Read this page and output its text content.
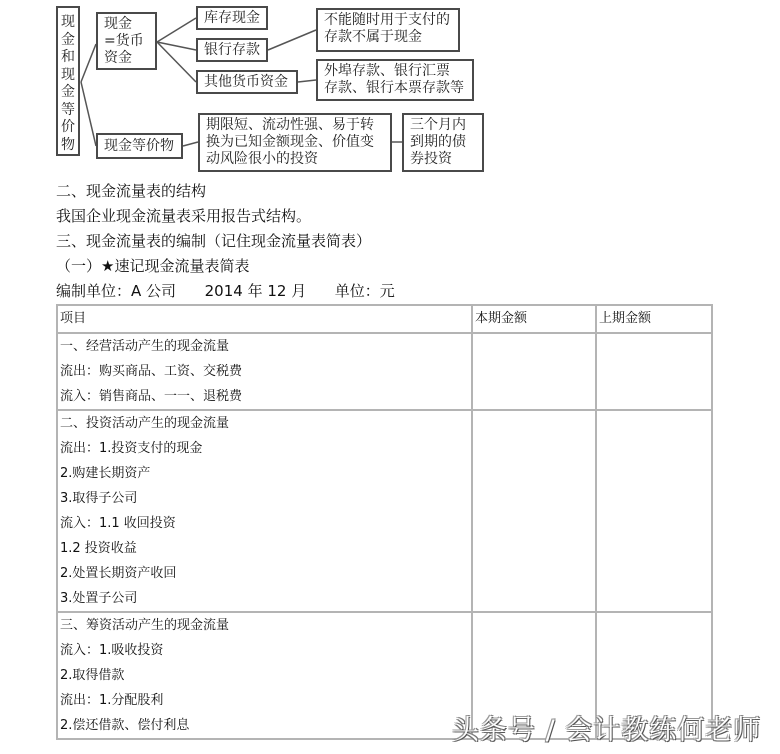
现
金
和
现
金
等
价
物
现金
=货币
资金
库存现金
银行存款
其他货币资金
不能随时用于支付的
存款不属于现金
外埠存款、银行汇票
存款、银行本票存款等
现金等价物
期限短、流动性强、易于转
换为已知金额现金、价值变
动风险很小的投资
三个月内
到期的债
券投资
二、现金流量表的结构
我国企业现金流量表采用报告式结构。
三、现金流量表的编制（记住现金流量表简表）
（一）★速记现金流量表简表
编制单位：A 公司      2014 年 12 月      单位：元
项目	本期金额	上期金额

一、经营活动产生的现金流量
流出：购买商品、工资、交税费
流入：销售商品、一一、退税费		

二、投资活动产生的现金流量
流出：1.投资支付的现金
2.购建长期资产
3.取得子公司
流入：1.1 收回投资
1.2 投资收益
2.处置长期资产收回
3.处置子公司

三、筹资活动产生的现金流量
流入：1.吸收投资
2.取得借款
流出：1.分配股利
2.偿还借款、偿付利息		
			头条号 / 会计教练何老师
